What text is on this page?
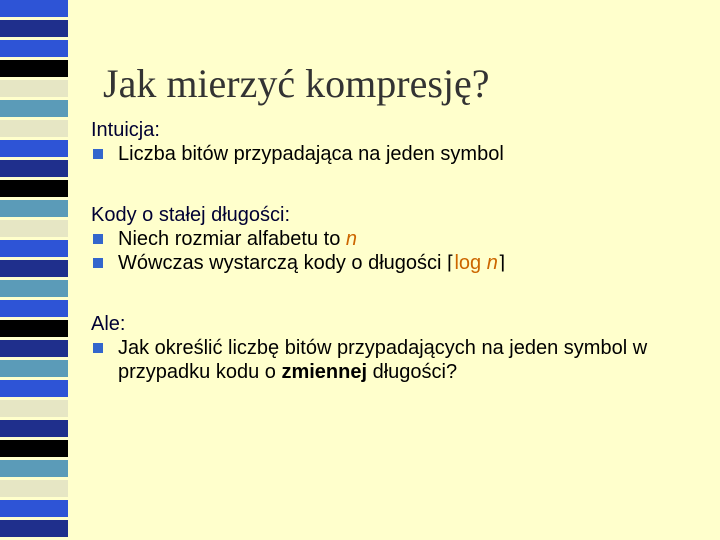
Jak mierzyć kompresję?
Intuicja:
Liczba bitów przypadająca na jeden symbol
Kody o stałej długości:
Niech rozmiar alfabetu to n
Wówczas wystarczą kody o długości ⌈log n⌉
Ale:
Jak określić liczbę bitów przypadających na jeden symbol w przypadku kodu o zmiennej długości?
